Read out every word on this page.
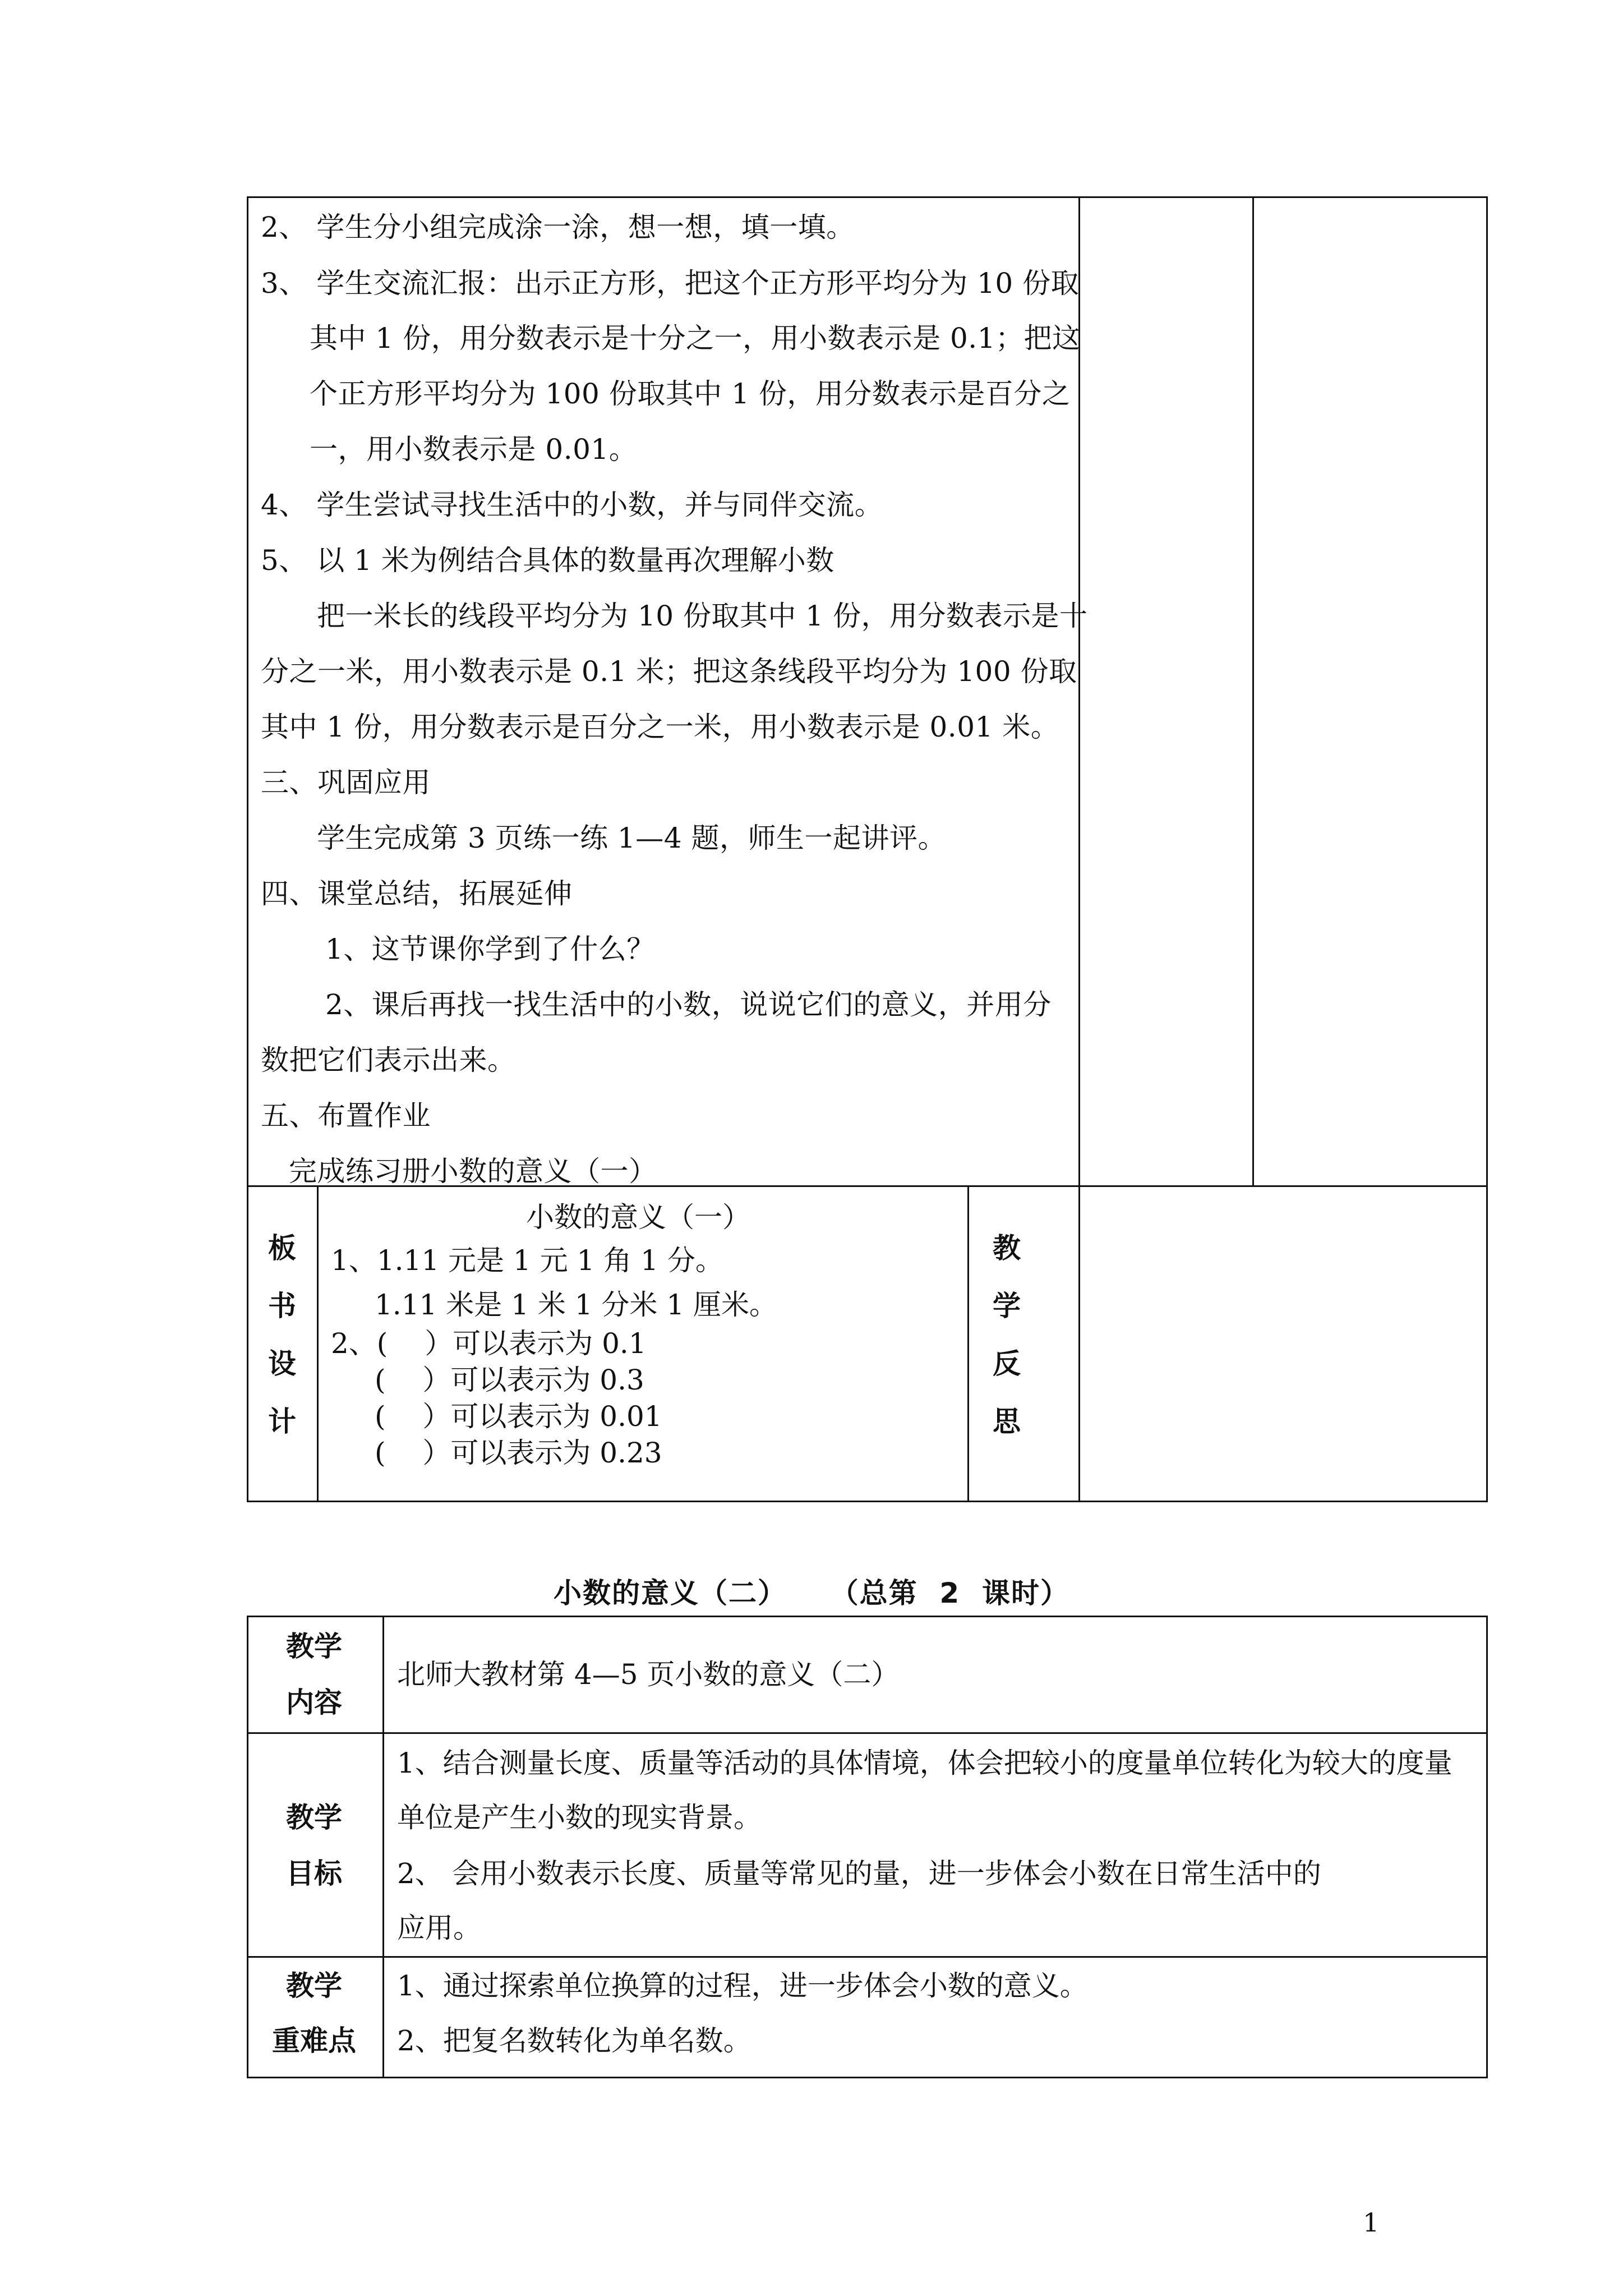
2、 学生分小组完成涂一涂，想一想，填一填。
3、 学生交流汇报：出示正方形，把这个正方形平均分为 10 份取
其中 1 份，用分数表示是十分之一，用小数表示是 0.1；把这
个正方形平均分为 100 份取其中 1 份，用分数表示是百分之
一，用小数表示是 0.01。
4、 学生尝试寻找生活中的小数，并与同伴交流。
5、 以 1 米为例结合具体的数量再次理解小数
把一米长的线段平均分为 10 份取其中 1 份，用分数表示是十
分之一米，用小数表示是 0.1 米；把这条线段平均分为 100 份取
其中 1 份，用分数表示是百分之一米，用小数表示是 0.01 米。
三、巩固应用
学生完成第 3 页练一练 1—4 题，师生一起讲评。
四、课堂总结，拓展延伸
1、这节课你学到了什么？
2、课后再找一找生活中的小数，说说它们的意义，并用分
数把它们表示出来。
五、布置作业
完成练习册小数的意义（一）
板
书
设
计
小数的意义（一）
1、1.11 元是 1 元 1 角 1 分。
1.11 米是 1 米 1 分米 1 厘米。
2、(　 ）可以表示为 0.1
(　 ）可以表示为 0.3
(　 ）可以表示为 0.01
(　 ）可以表示为 0.23
教
学
反
思
小数的意义（二） （总第  2  课时）
教学
内容
北师大教材第 4—5 页小数的意义（二）
教学
目标
1、结合测量长度、质量等活动的具体情境，体会把较小的度量单位转化为较大的度量
单位是产生小数的现实背景。
2、 会用小数表示长度、质量等常见的量，进一步体会小数在日常生活中的
应用。
教学
重难点
1、通过探索单位换算的过程，进一步体会小数的意义。
2、把复名数转化为单名数。
1
